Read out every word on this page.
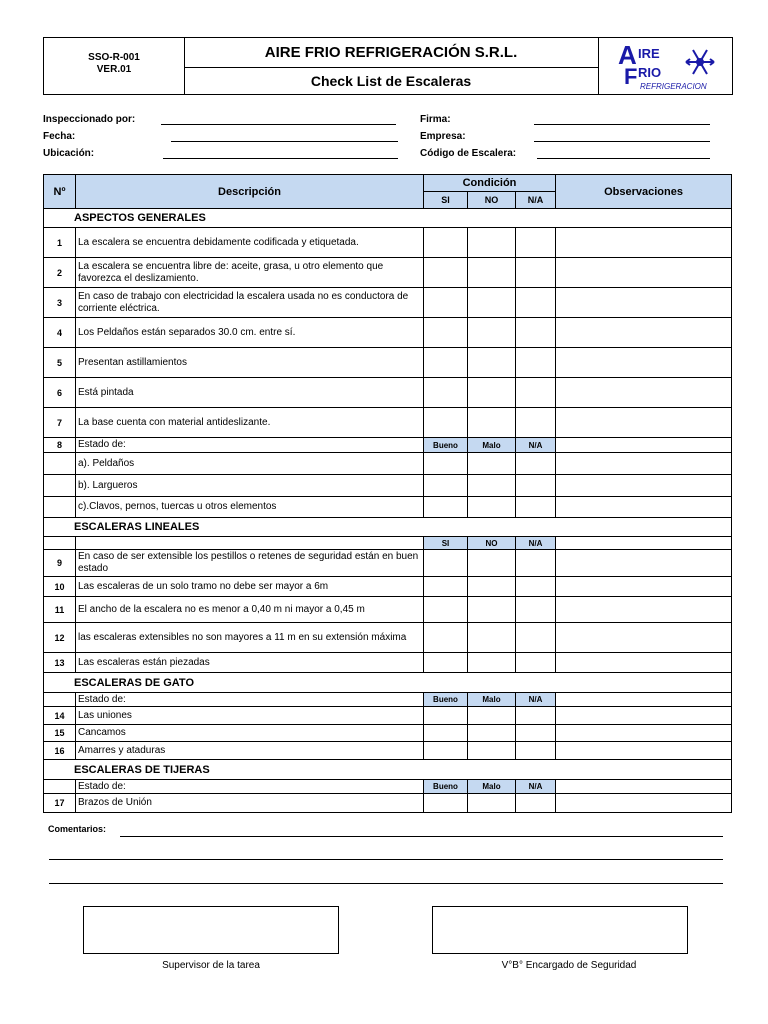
SSO-R-001
VER.01
AIRE FRIO REFRIGERACIÓN S.R.L.
Check List de Escaleras
A IRE
F RIO
REFRIGERACION
Inspeccionado por:
Fecha:
Ubicación:
Firma:
Empresa:
Código de Escalera:
Nº	Descripción	Condición			Observaciones
		SI	NO	N/A	
ASPECTOS GENERALES					
1	La escalera se encuentra debidamente codificada y etiquetada.				
2	La escalera se encuentra libre de: aceite, grasa, u otro elemento que favorezca el deslizamiento.				
3	En caso de trabajo con electricidad la escalera usada no es conductora de corriente eléctrica.				
4	Los Peldaños están separados 30.0 cm. entre sí.				
5	Presentan astillamientos				
6	Está pintada				
7	La base cuenta con material antideslizante.				
8	Estado de:	Bueno	Malo	N/A	
	a). Peldaños				
	b). Largueros				
	c).Clavos, pernos, tuercas u otros elementos				
ESCALERAS LINEALES					
		SI	NO	N/A	
9	En caso de ser extensible los pestillos o retenes de seguridad están en buen estado				
10	Las escaleras de un solo tramo no debe ser mayor a 6m				
11	El ancho de la escalera no es menor a 0,40 m ni mayor a 0,45 m				
12	las escaleras extensibles no son mayores a 11 m en su extensión máxima				
13	Las escaleras están piezadas				
ESCALERAS DE GATO					
	Estado de:	Bueno	Malo	N/A	
14	Las uniones				
15	Cancamos				
16	Amarres y ataduras				
ESCALERAS DE TIJERAS					
	Estado de:	Bueno	Malo	N/A	
17	Brazos de Unión				
Comentarios:
Supervisor de la tarea	V°B° Encargado de Seguridad
